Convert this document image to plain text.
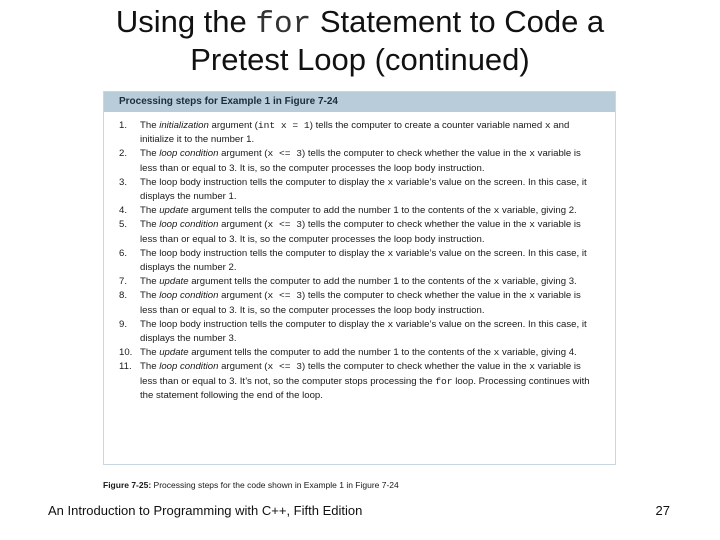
Using the for Statement to Code a
Pretest Loop (continued)
Processing steps for Example 1 in Figure 7-24
1.	The initialization argument (int x = 1) tells the computer to create a counter variable named x and initialize it to the number 1.
2.	The loop condition argument (x <= 3) tells the computer to check whether the value in the x variable is less than or equal to 3. It is, so the computer processes the loop body instruction.
3.	The loop body instruction tells the computer to display the x variable’s value on the screen. In this case, it displays the number 1.
4.	The update argument tells the computer to add the number 1 to the contents of the x variable, giving 2.
5.	The loop condition argument (x <= 3) tells the computer to check whether the value in the x variable is less than or equal to 3. It is, so the computer processes the loop body instruction.
6.	The loop body instruction tells the computer to display the x variable’s value on the screen. In this case, it displays the number 2.
7.	The update argument tells the computer to add the number 1 to the contents of the x variable, giving 3.
8.	The loop condition argument (x <= 3) tells the computer to check whether the value in the x variable is less than or equal to 3. It is, so the computer processes the loop body instruction.
9.	The loop body instruction tells the computer to display the x variable’s value on the screen. In this case, it displays the number 3.
10. The update argument tells the computer to add the number 1 to the contents of the x variable, giving 4.
11. The loop condition argument (x <= 3) tells the computer to check whether the value in the x variable is less than or equal to 3. It’s not, so the computer stops processing the for loop. Processing continues with the statement following the end of the loop.
Figure 7-25: Processing steps for the code shown in Example 1 in Figure 7-24
An Introduction to Programming with C++, Fifth Edition	27
